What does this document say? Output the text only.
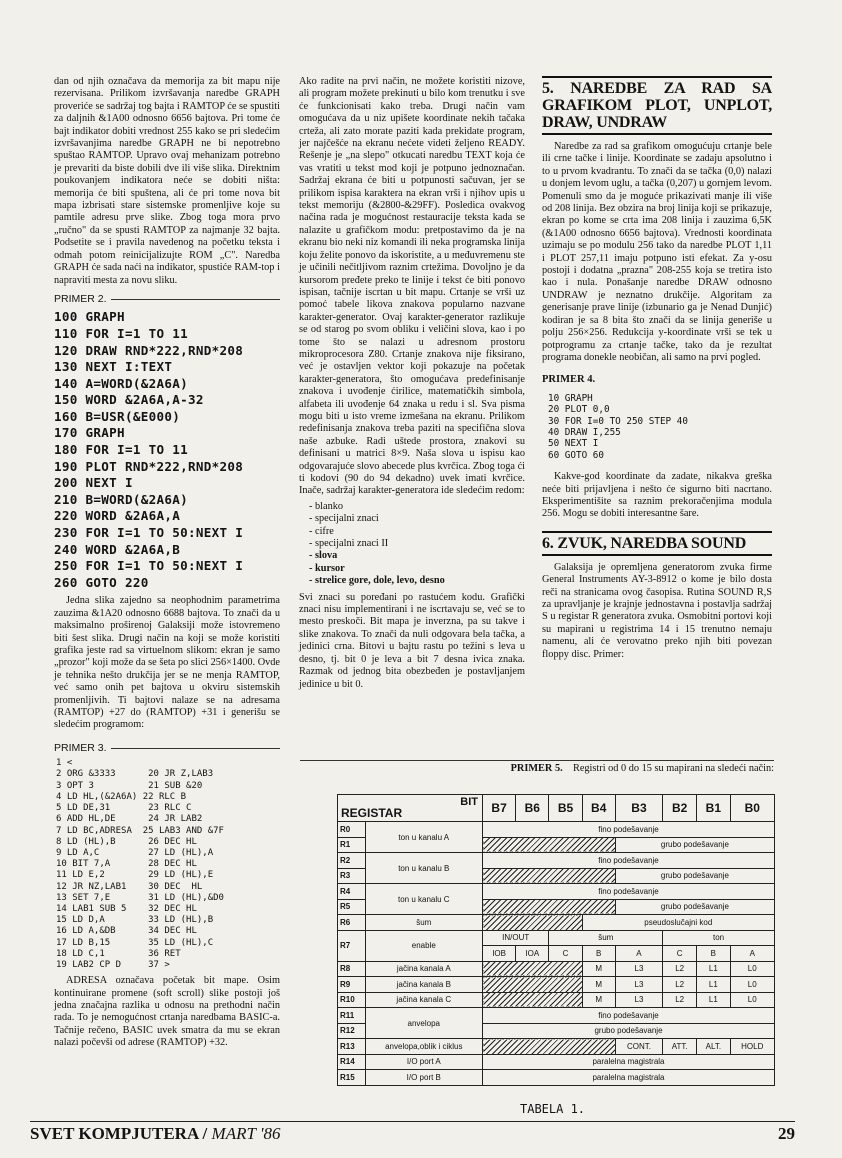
dan od njih označava da memorija za bit mapu nije rezervisana. Prilikom izvršavanja naredbe GRAPH proveriće se sadržaj tog bajta i RAMTOP će se spustiti za daljnih &1A00 odnosno 6656 bajtova. Pri tome će bajt indikator dobiti vrednost 255 kako se pri sledećim izvršavanjima naredbe GRAPH ne bi nepotrebno spuštao RAMTOP. Upravo ovaj mehanizam potrebno je prevariti da biste dobili dve ili više slika. Direktnim poukovanjem indikatora neće se dobiti ništa: memorija će biti spuštena, ali će pri tome nova bit mapa izbrisati stare sistemske promenljive koje su pamtile adresu prve slike. Zbog toga mora prvo „ručno" da se spusti RAMTOP za najmanje 32 bajta. Podsetite se i pravila navedenog na početku teksta i odmah potom reinicijalizujte ROM „C". Naredba GRAPH će sada naći na indikator, spustiće RAM-top i napraviti mesta za novu sliku.

PRIMER 2.
100 GRAPH
110 FOR I=1 TO 11
120 DRAW RND*222,RND*208
130 NEXT I:TEXT
140 A=WORD(&2A6A)
150 WORD &2A6A,A-32
160 B=USR(&E000)
170 GRAPH
180 FOR I=1 TO 11
190 PLOT RND*222,RND*208
200 NEXT I
210 B=WORD(&2A6A)
220 WORD &2A6A,A
230 FOR I=1 TO 50:NEXT I
240 WORD &2A6A,B
250 FOR I=1 TO 50:NEXT I
260 GOTO 220

Jedna slika zajedno sa neophodnim parametrima zauzima &1A20 odnosno 6688 bajtova. To znači da u maksimalno proširenoj Galaksiji može istovremeno biti šest slika. Drugi način na koji se može koristiti grafika jeste rad sa virtuelnom slikom: ekran je samo „prozor" koji može da se šeta po slici 256×1400. Ovde je tehnika nešto drukčija jer se ne menja RAMTOP, već samo onih pet bajtova u okviru sistemskih promenljivih. Ti bajtovi nalaze se na adresama (RAMTOP) +27 do (RAMTOP) +31 i generišu se sledećim programom:

PRIMER 3.
1 <
2 ORG &3333      20 JR Z,LAB3
3 OPT 3          21 SUB &20
4 LD HL,(&2A6A) 22 RLC B
5 LD DE,31       23 RLC C
6 ADD HL,DE      24 JR LAB2
7 LD BC,ADRESA  25 LAB3 AND &7F
8 LD (HL),B      26 DEC HL
9 LD A,C         27 LD (HL),A
10 BIT 7,A       28 DEC HL
11 LD E,2        29 LD (HL),E
12 JR NZ,LAB1    30 DEC  HL
13 SET 7,E       31 LD (HL),&D0
14 LAB1 SUB 5    32 DEC HL
15 LD D,A        33 LD (HL),B
16 LD A,&DB      34 DEC HL
17 LD B,15       35 LD (HL),C
18 LD C,1        36 RET
19 LAB2 CP D     37 >

ADRESA označava početak bit mape. Osim kontinuirane promene (soft scroll) slike postoji još jedna značajna razlika u odnosu na prethodni način rada. To je nemogućnost crtanja naredbama BASIC-a. Tačnije rečeno, BASIC uvek smatra da mu se ekran nalazi počevši od adrese (RAMTOP) +32.

Ako radite na prvi način, ne možete koristiti nizove, ali program možete prekinuti u bilo kom trenutku i sve će funkcionisati kako treba. Drugi način vam omogućava da u niz upišete koordinate nekih tačaka crteža, ali zato morate paziti kada prekidate program, jer najčešće na ekranu nećete videti željeno READY. Rešenje je „na slepo" otkucati naredbu TEXT koja će vas vratiti u tekst mod koji je potpuno jednoznačan. Sadržaj ekrana će biti u potpunosti sačuvan, jer se prilikom ispisa karaktera na ekran vrši i njihov upis u tekst memoriju (&2800-&29FF). Posledica ovakvog načina rada je mogućnost restauracije teksta kada se nalazite u grafičkom modu: pretpostavimo da je na ekranu bio neki niz komandi ili neka programska linija koju želite ponovo da iskoristite, a u međuvremenu ste je učinili nečitljivom raznim crtežima. Dovoljno je da kursorom pređete preko te linije i tekst će biti ponovo ispisan, tačnije iscrtan u bit mapu. Crtanje se vrši uz pomoć tabele likova znakova popularno nazvane karakter-generator. Ovaj karakter-generator razlikuje se od starog po svom obliku i veličini slova, kao i po tome što se nalazi u adresnom prostoru mikroprocesora Z80. Crtanje znakova nije fiksirano, već je ostavljen vektor koji pokazuje na početak karakter-generatora, što omogućava predefinisanje znakova i uvođenje ćirilice, matematičkih simbola, alfabeta ili uvođenje 64 znaka u redu i sl. Sva pisma mogu biti u isto vreme izmešana na ekranu. Prilikom redefinisanja znakova treba paziti na specifična slova naše azbuke. Radi uštede prostora, znakovi su definisani u matrici 8×9. Naša slova u ispisu kao odgovarajuće slovo abecede plus kvrčica. Zbog toga ći ti kodovi (90 do 94 dekadno) uvek imati kvrčice. Inače, sadržaj karakter-generatora ide sledećim redom:

- blanko
- specijalni znaci
- cifre
- specijalni znaci II
- slova
- kursor
- strelice gore, dole, levo, desno

Svi znaci su poređani po rastućem kodu. Grafički znaci nisu implementirani i ne iscrtavaju se, već se to mesto preskoči. Bit mapa je inverzna, pa su takve i slike znakova. To znači da nuli odgovara bela tačka, a jedinici crna. Bitovi u bajtu rastu po težini s leva u desno, tj. bit 0 je leva a bit 7 desna ivica znaka. Razmak od jednog bita obezbeđen je postavljanjem jedinice u bit 0.

5. NAREDBE ZA RAD SA GRAFIKOM PLOT, UNPLOT, DRAW, UNDRAW

Naredbe za rad sa grafikom omogućuju crtanje bele ili crne tačke i linije. Koordinate se zadaju apsolutno i to u prvom kvadrantu. To znači da se tačka (0,0) nalazi u donjem levom uglu, a tačka (0,207) u gornjem levom. Pomenuli smo da je moguće prikazivati manje ili više od 208 linija. Bez obzira na broj linija koji se prikazuje, ekran po kome se crta ima 208 linija i zauzima 6,5K (&1A00 odnosno 6656 bajtova). Vrednosti koordinata uzimaju se po modulu 256 tako da naredbe PLOT 1,11 i PLOT 257,11 imaju potpuno isti efekat. Za y-osu postoji i dodatna „prazna" 208-255 koja se tretira isto kao i nula. Ponašanje naredbe DRAW odnosno UNDRAW je neznatno drukčije. Algoritam za generisanje prave linije (izbunario ga je Nenad Dunjić) kodiran je sa 8 bita što znači da se linija generiše u polju 256×256. Redukcija y-koordinate vrši se tek u potprogramu za crtanje tačke, tako da je rezultat programa donekle neobičan, ali samo na prvi pogled.

PRIMER 4.
10 GRAPH
20 PLOT 0,0
30 FOR I=0 TO 250 STEP 40
40 DRAW I,255
50 NEXT I
60 GOTO 60

Kakve-god koordinate da zadate, nikakva greška neće biti prijavljena i nešto će sigurno biti nacrtano. Eksperimentišite sa raznim prekoračenjima modula 256. Mogu se dobiti interesantne šare.

6. ZVUK, NAREDBA SOUND

Galaksija je opremljena generatorom zvuka firme General Instruments AY-3-8912 o kome je bilo dosta reči na stranicama ovog časopisa. Rutina SOUND R,S za upravljanje je krajnje jednostavna i postavlja sadržaj S u registar R generatora zvuka. Osmobitni portovi koji su mapirani u registrima 14 i 15 trenutno nemaju namenu, ali će verovatno preko njih biti povezan floppy disc. Primer:

PRIMER 5. Registri od 0 do 15 su mapirani na sledeći način:
BIT
REGISTAR		B7	B6	B5	B4	B3	B2	B1	B0
R0	ton u kanalu A	fino podešavanje							
R1						grubo podešavanje			
R2	ton u kanalu B	fino podešavanje							
R3						grubo podešavanje			
R4	ton u kanalu C	fino podešavanje							
R5						grubo podešavanje			
R6	šum				pseudoslučajni kod				
R7	enable	IN/OUT		šum			ton		
		IOB	IOA	C	B	A	C	B	A
R8	jačina kanala A				M	L3	L2	L1	L0
R9	jačina kanala B				M	L3	L2	L1	L0
R10	jačina kanala C				M	L3	L2	L1	L0
R11	anvelopa	fino podešavanje							
R12		grubo podešavanje							
R13	anvelopa,oblik i ciklus					CONT.	ATT.	ALT.	HOLD
R14	I/O port A	paralelna magistrala							
R15	I/O port B	paralelna magistrala							
TABELA 1.
SVET KOMPJUTERA / MART '86	29
